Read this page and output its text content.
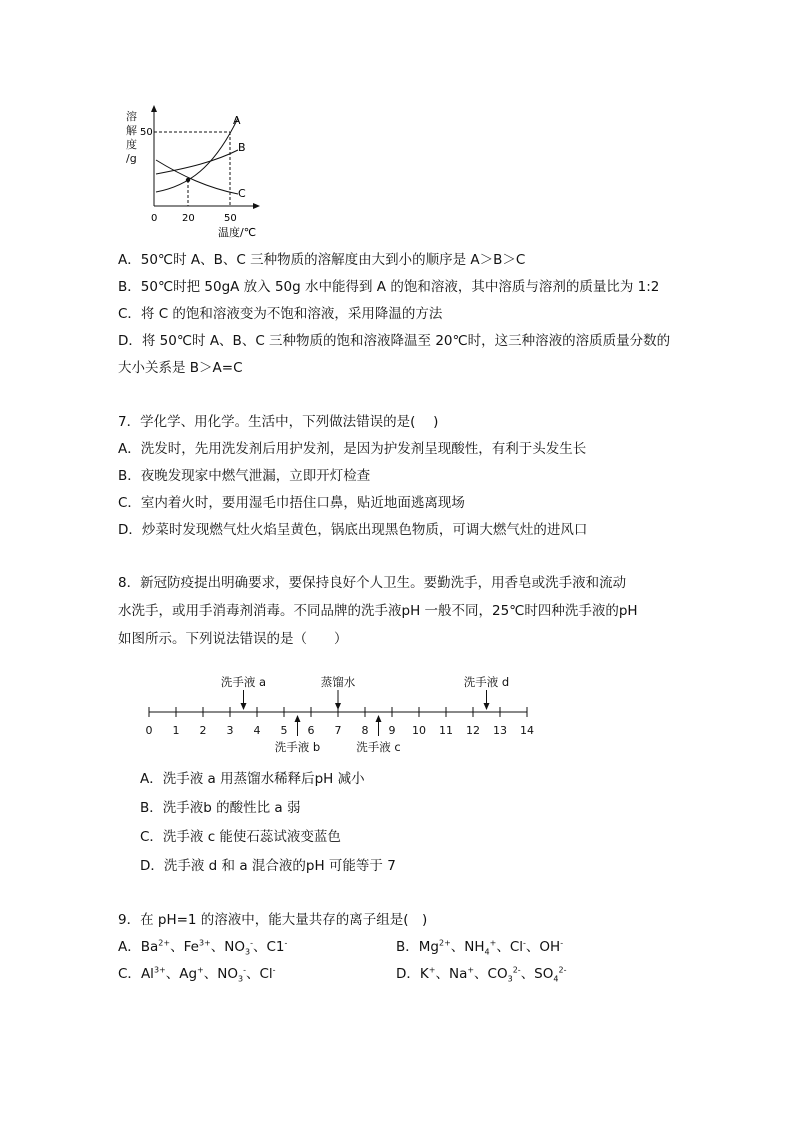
溶
解
度
/g
50
A
B
C
0 20	50
温度/℃
A．50℃时 A、B、C 三种物质的溶解度由大到小的顺序是 A＞B＞C
B．50℃时把 50gA 放入 50g 水中能得到 A 的饱和溶液，其中溶质与溶剂的质量比为 1:2
C．将 C 的饱和溶液变为不饱和溶液，采用降温的方法
D．将 50℃时 A、B、C 三种物质的饱和溶液降温至 20℃时，这三种溶液的溶质质量分数的
大小关系是 B＞A=C
7．学化学、用化学。生活中，下列做法错误的是(　 )
A．洗发时，先用洗发剂后用护发剂，是因为护发剂呈现酸性，有利于头发生长
B．夜晚发现家中燃气泄漏，立即开灯检查
C．室内着火时，要用湿毛巾捂住口鼻，贴近地面逃离现场
D．炒菜时发现燃气灶火焰呈黄色，锅底出现黑色物质，可调大燃气灶的进风口
8．新冠防疫提出明确要求，要保持良好个人卫生。要勤洗手，用香皂或洗手液和流动
水洗手，或用手消毒剂消毒。不同品牌的洗手液pH 一般不同，25℃时四种洗手液的pH
如图所示。下列说法错误的是（　　）
0 1 2 3 4 5 6 7 8 9 10 11 12 13 14
洗手液 a	蒸馏水	洗手液 d
洗手液 b	洗手液 c
A．洗手液 a 用蒸馏水稀释后pH 减小
B．洗手液b 的酸性比 a 弱
C．洗手液 c 能使石蕊试液变蓝色
D．洗手液 d 和 a 混合液的pH 可能等于 7
9．在 pH=1 的溶液中，能大量共存的离子组是(　)
A．$Ba^{2+}$、$Fe^{3+}$、$NO_3^-$、C1-	B．$Mg^{2+}$、$NH_4^+$、Cl-、OH-
C．$Al^{3+}$、Ag+、$NO_3^-$、Cl-	D．K+、Na+、$CO_3^{2-}$、$SO_4^{2-}$
